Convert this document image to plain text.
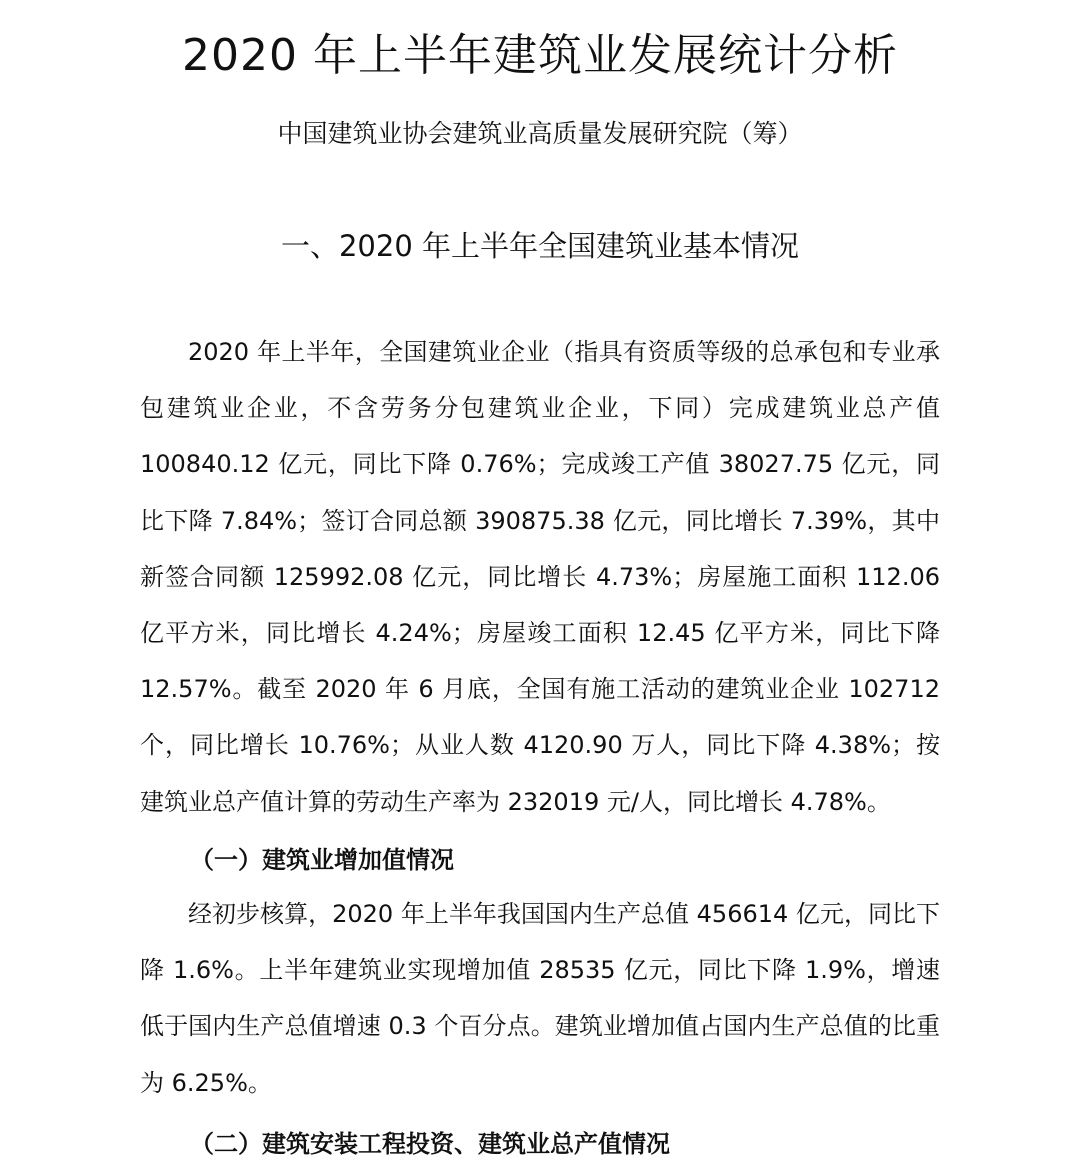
2020 年上半年建筑业发展统计分析

中国建筑业协会建筑业高质量发展研究院（筹）

一、2020 年上半年全国建筑业基本情况

2020 年上半年，全国建筑业企业（指具有资质等级的总承包和专业承包建筑业企业，不含劳务分包建筑业企业，下同）完成建筑业总产值 100840.12 亿元，同比下降 0.76%；完成竣工产值 38027.75 亿元，同比下降 7.84%；签订合同总额 390875.38 亿元，同比增长 7.39%，其中新签合同额 125992.08 亿元，同比增长 4.73%；房屋施工面积 112.06 亿平方米，同比增长 4.24%；房屋竣工面积 12.45 亿平方米，同比下降 12.57%。截至 2020 年 6 月底，全国有施工活动的建筑业企业 102712 个，同比增长 10.76%；从业人数 4120.90 万人，同比下降 4.38%；按建筑业总产值计算的劳动生产率为 232019 元/人，同比增长 4.78%。

（一）建筑业增加值情况

经初步核算，2020 年上半年我国国内生产总值 456614 亿元，同比下降 1.6%。上半年建筑业实现增加值 28535 亿元，同比下降 1.9%，增速低于国内生产总值增速 0.3 个百分点。建筑业增加值占国内生产总值的比重为 6.25%。

（二）建筑安装工程投资、建筑业总产值情况
